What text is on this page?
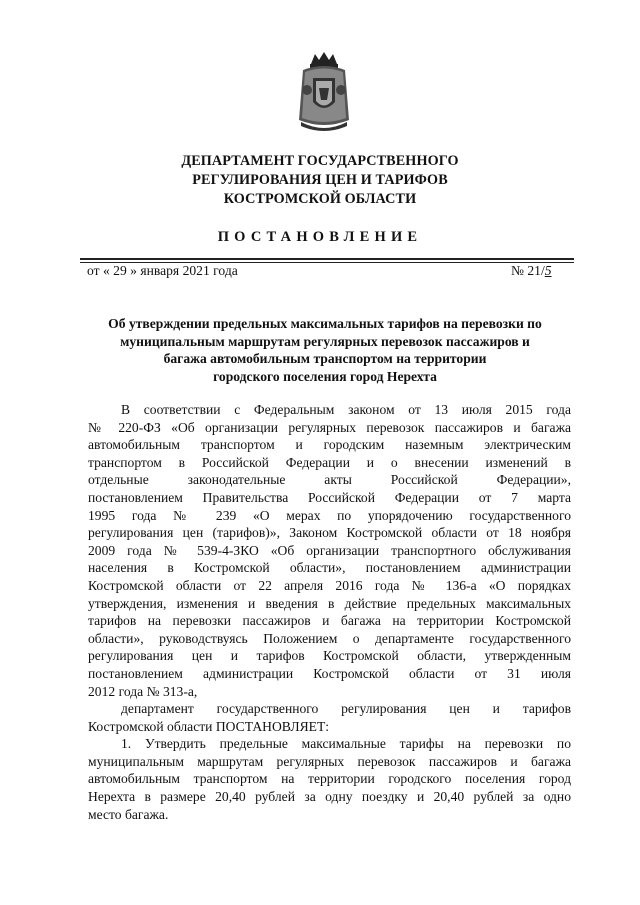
ДЕПАРТАМЕНТ ГОСУДАРСТВЕННОГО
РЕГУЛИРОВАНИЯ ЦЕН И ТАРИФОВ
КОСТРОМСКОЙ ОБЛАСТИ
ПОСТАНОВЛЕНИЕ
от « 29 » января 2021 года	№ 21/5
Об утверждении предельных максимальных тарифов на перевозки по
муниципальным маршрутам регулярных перевозок пассажиров и
багажа автомобильным транспортом на территории
городского поселения город Нерехта
В соответствии с Федеральным законом от 13 июля 2015 года
№ 220-ФЗ «Об организации регулярных перевозок пассажиров и багажа
автомобильным транспортом и городским наземным электрическим
транспортом в Российской Федерации и о внесении изменений в
отдельные законодательные акты Российской Федерации»,
постановлением Правительства Российской Федерации от 7 марта
1995 года № 239 «О мерах по упорядочению государственного
регулирования цен (тарифов)», Законом Костромской области от 18 ноября
2009 года № 539-4-ЗКО «Об организации транспортного обслуживания
населения в Костромской области», постановлением администрации
Костромской области от 22 апреля 2016 года № 136-а «О порядках
утверждения, изменения и введения в действие предельных максимальных
тарифов на перевозки пассажиров и багажа на территории Костромской
области», руководствуясь Положением о департаменте государственного
регулирования цен и тарифов Костромской области, утвержденным
постановлением администрации Костромской области от 31 июля
2012 года № 313-а,
департамент государственного регулирования цен и тарифов
Костромской области ПОСТАНОВЛЯЕТ:
1. Утвердить предельные максимальные тарифы на перевозки по
муниципальным маршрутам регулярных перевозок пассажиров и багажа
автомобильным транспортом на территории городского поселения город
Нерехта в размере 20,40 рублей за одну поездку и 20,40 рублей за одно
место багажа.
